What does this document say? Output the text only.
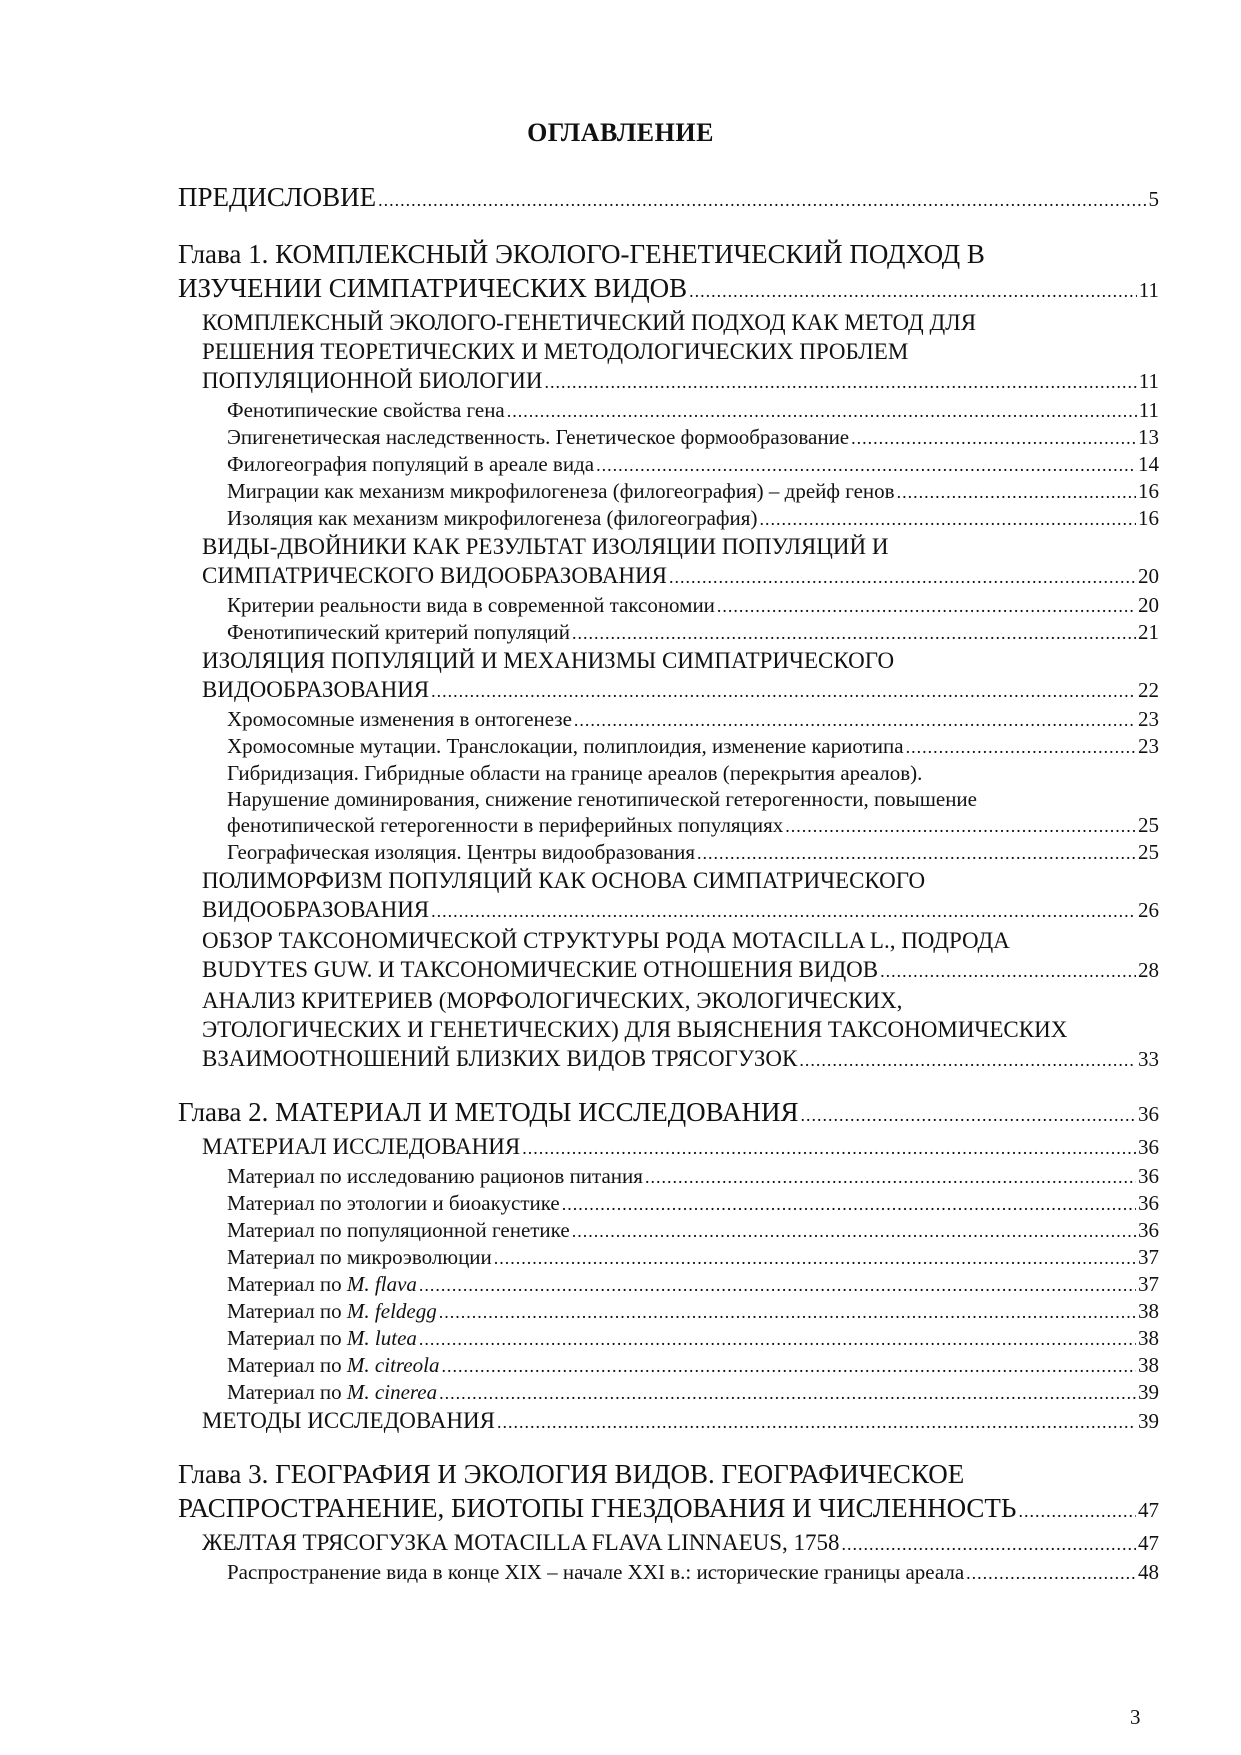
ОГЛАВЛЕНИЕ
ПРЕДИСЛОВИЕ .....	5
Глава 1. КОМПЛЕКСНЫЙ ЭКОЛОГО-ГЕНЕТИЧЕСКИЙ ПОДХОД В
ИЗУЧЕНИИ СИМПАТРИЧЕСКИХ ВИДОВ .....	11
КОМПЛЕКСНЫЙ ЭКОЛОГО-ГЕНЕТИЧЕСКИЙ ПОДХОД КАК МЕТОД ДЛЯ
РЕШЕНИЯ ТЕОРЕТИЧЕСКИХ И МЕТОДОЛОГИЧЕСКИХ ПРОБЛЕМ
ПОПУЛЯЦИОННОЙ БИОЛОГИИ .....	11
Фенотипические свойства гена .....	11
Эпигенетическая наследственность. Генетическое формообразование .....	13
Филогеография популяций в ареале вида .....	14
Миграции как механизм микрофилогенеза (филогеография) – дрейф генов .....	16
Изоляция как механизм микрофилогенеза (филогеография) .....	16
ВИДЫ-ДВОЙНИКИ КАК РЕЗУЛЬТАТ ИЗОЛЯЦИИ ПОПУЛЯЦИЙ И
СИМПАТРИЧЕСКОГО ВИДООБРАЗОВАНИЯ .....	20
Критерии реальности вида в современной таксономии .....	20
Фенотипический критерий популяций .....	21
ИЗОЛЯЦИЯ ПОПУЛЯЦИЙ И МЕХАНИЗМЫ СИМПАТРИЧЕСКОГО
ВИДООБРАЗОВАНИЯ .....	22
Хромосомные изменения в онтогенезе .....	23
Хромосомные мутации. Транслокации, полиплоидия, изменение кариотипа .....	23
Гибридизация. Гибридные области на границе ареалов (перекрытия ареалов).
Нарушение доминирования, снижение генотипической гетерогенности, повышение
фенотипической гетерогенности в периферийных популяциях .....	25
Географическая изоляция. Центры видообразования .....	25
ПОЛИМОРФИЗМ ПОПУЛЯЦИЙ КАК ОСНОВА СИМПАТРИЧЕСКОГО
ВИДООБРАЗОВАНИЯ .....	26
ОБЗОР ТАКСОНОМИЧЕСКОЙ СТРУКТУРЫ РОДА MOTACILLA L., ПОДРОДА
BUDYTES GUW. И ТАКСОНОМИЧЕСКИЕ ОТНОШЕНИЯ ВИДОВ .....	28
АНАЛИЗ КРИТЕРИЕВ (МОРФОЛОГИЧЕСКИХ, ЭКОЛОГИЧЕСКИХ,
ЭТОЛОГИЧЕСКИХ И ГЕНЕТИЧЕСКИХ) ДЛЯ ВЫЯСНЕНИЯ ТАКСОНОМИЧЕСКИХ
ВЗАИМООТНОШЕНИЙ БЛИЗКИХ ВИДОВ ТРЯСОГУЗОК .....	33
Глава 2. МАТЕРИАЛ И МЕТОДЫ ИССЛЕДОВАНИЯ .....	36
МАТЕРИАЛ ИССЛЕДОВАНИЯ .....	36
Материал по исследованию рационов питания .....	36
Материал по этологии и биоакустике .....	36
Материал по популяционной генетике .....	36
Материал по микроэволюции .....	37
Материал по M. flava .....	37
Материал по M. feldegg .....	38
Материал по M. lutea .....	38
Материал по M. citreola .....	38
Материал по M. cinerea .....	39
МЕТОДЫ ИССЛЕДОВАНИЯ .....	39
Глава 3. ГЕОГРАФИЯ И ЭКОЛОГИЯ ВИДОВ. ГЕОГРАФИЧЕСКОЕ
РАСПРОСТРАНЕНИЕ, БИОТОПЫ ГНЕЗДОВАНИЯ И ЧИСЛЕННОСТЬ .....	47
ЖЕЛТАЯ ТРЯСОГУЗКА MOTACILLA FLAVA LINNAEUS, 1758 .....	47
Распространение вида в конце XIX – начале XXI в.: исторические границы ареала .....	48
3
